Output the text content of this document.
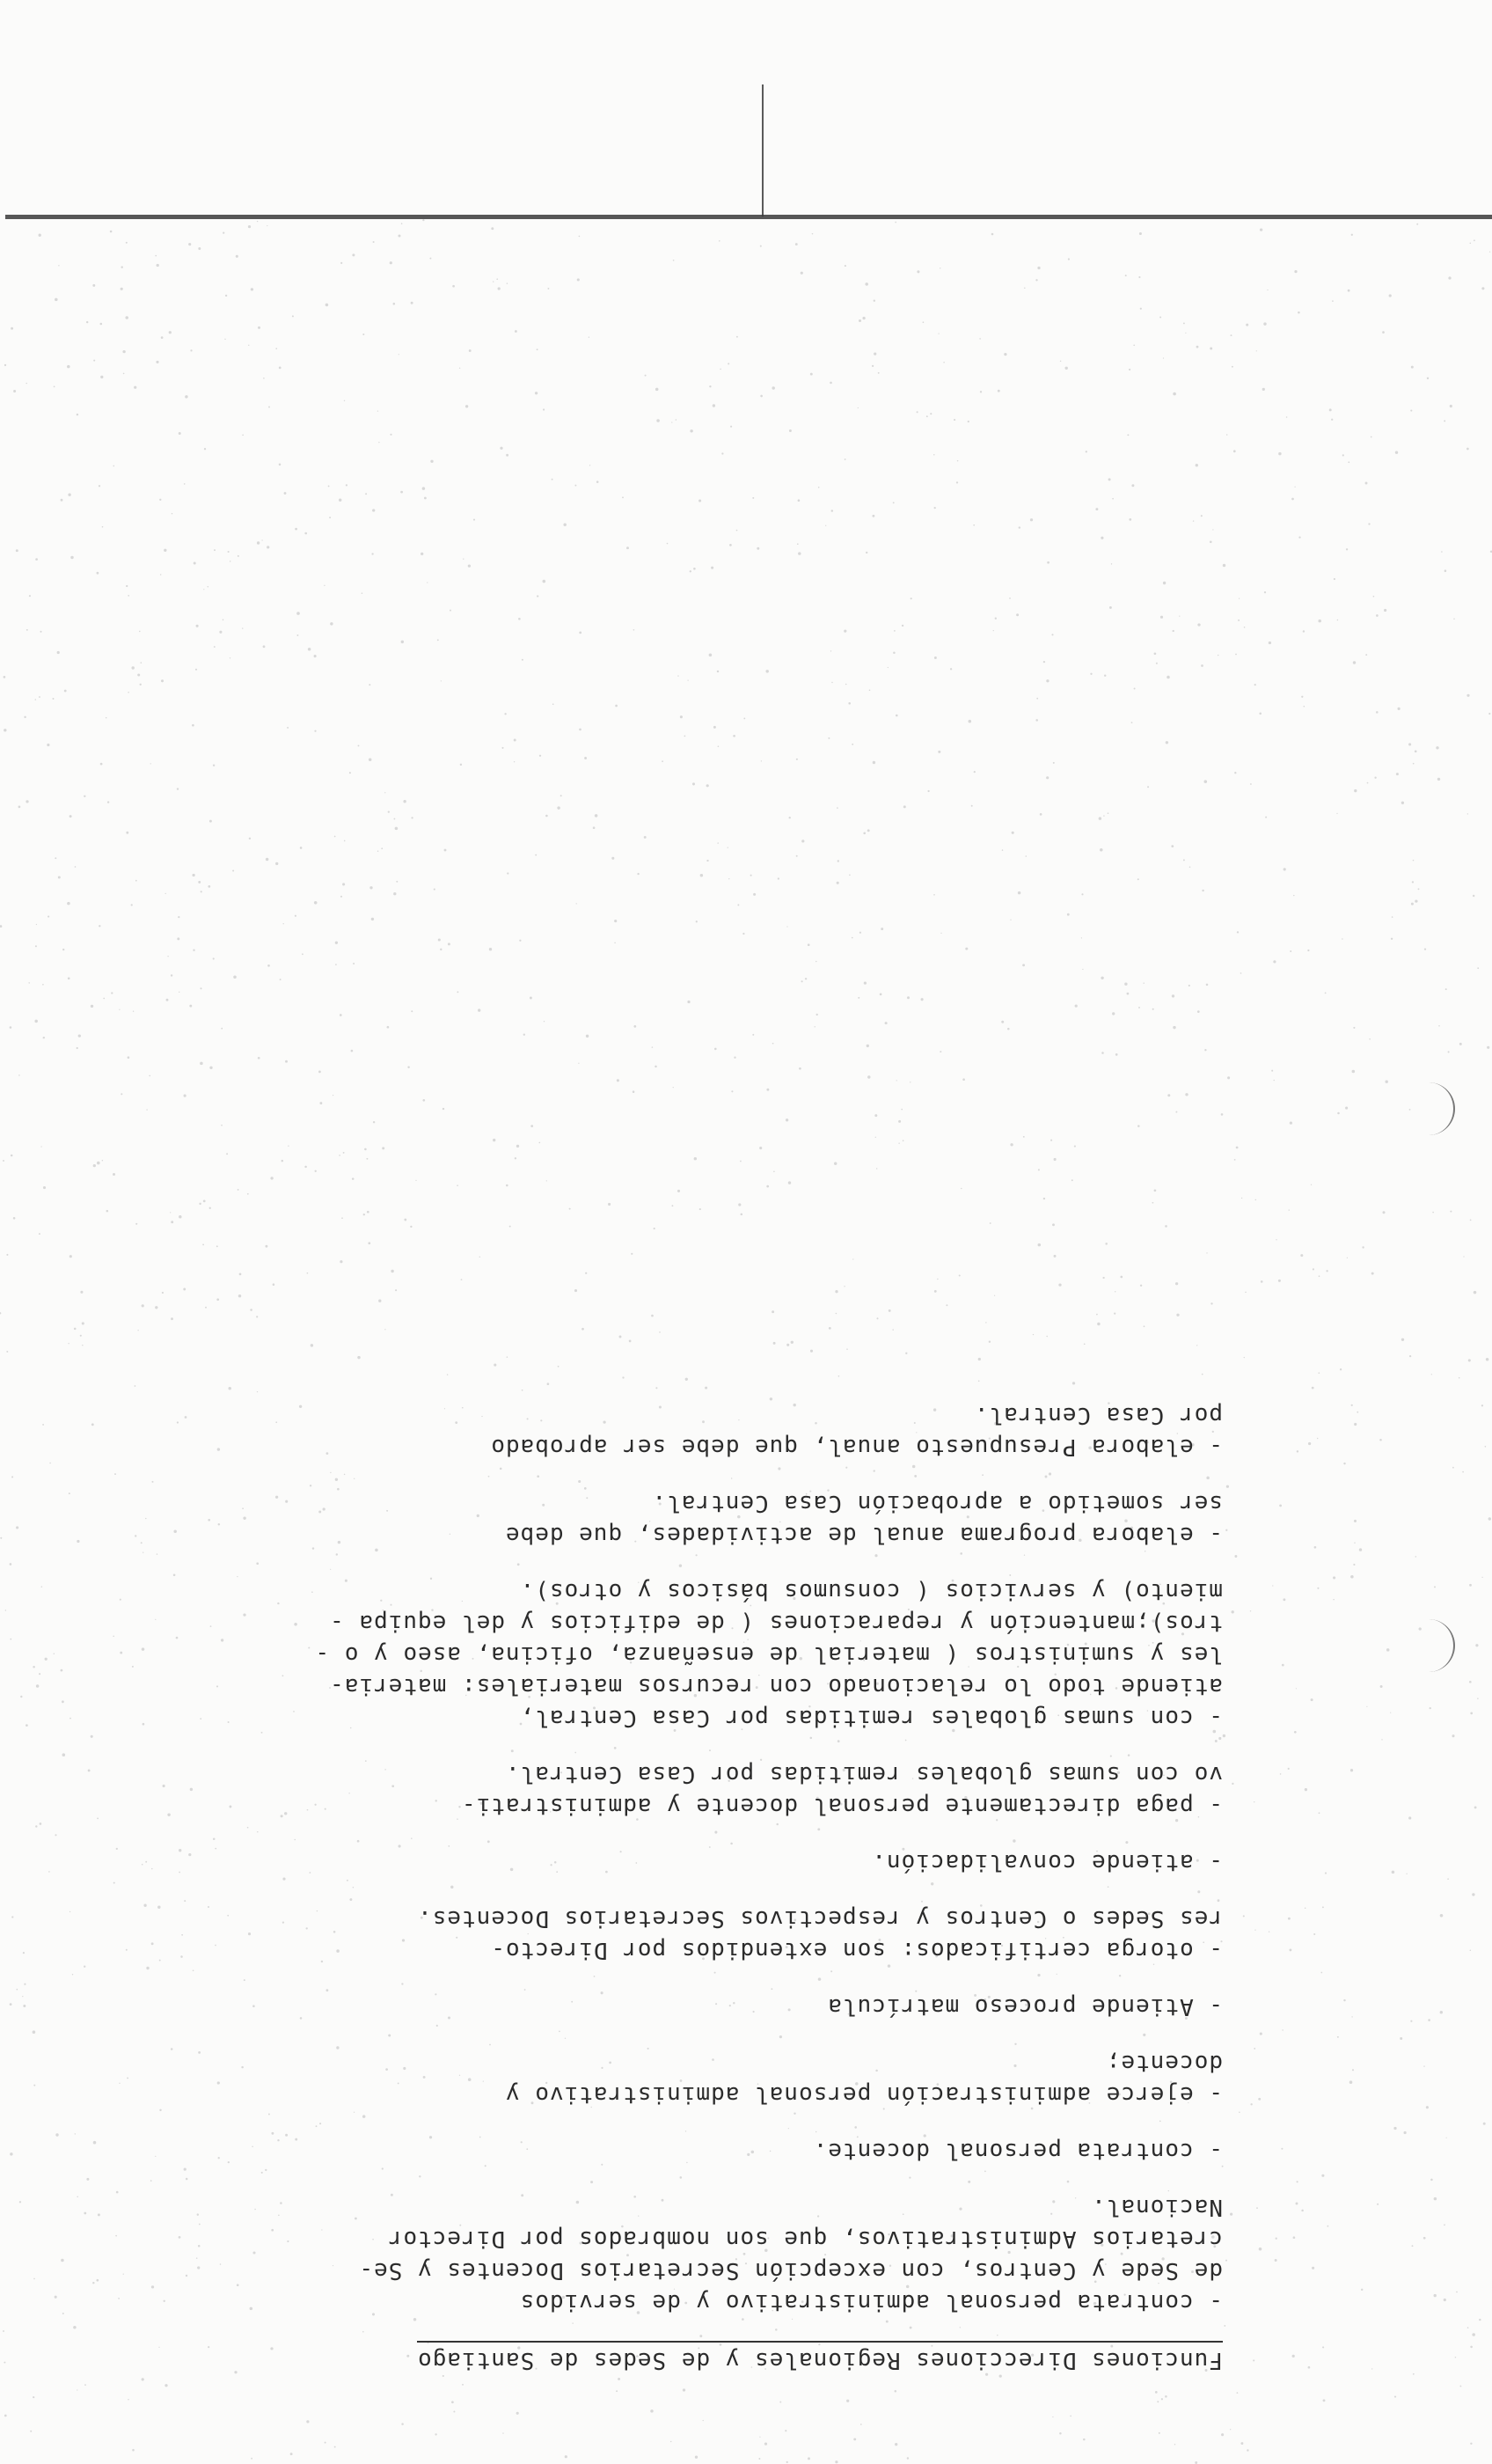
Funciones Direcciones Regionales y de Sedes de Santiago
- contrata personal administrativo y de servidos
de Sede y Centros, con excepción Secretarios Docentes y Se-
cretarios Administrativos, que son nombrados por Director
Nacional.
- contrata personal docente.
- ejerce administración personal administrativo y
docente;
- Atiende proceso matrícula
- otorga certificados: son extendidos por Directo-
res Sedes o Centros y respectivos Secretarios Docentes.
- atiende convalidación.
- paga directamente personal docente y administrati-
vo con sumas globales remitidas por Casa Central.
- con sumas globales remitidas por Casa Central,
atiende todo lo relacionado con recursos materiales: materia-
les y suministros ( material de enseñanza, oficina, aseo y o -
tros);mantención y reparaciones ( de edificios y del equipa -
miento) y servicios ( consumos básicos y otros).
- elabora programa anual de actividades, que debe
ser sometido a aprobación Casa Central.
- elabora Presupuesto anual, que debe ser aprobado
por Casa Central.
